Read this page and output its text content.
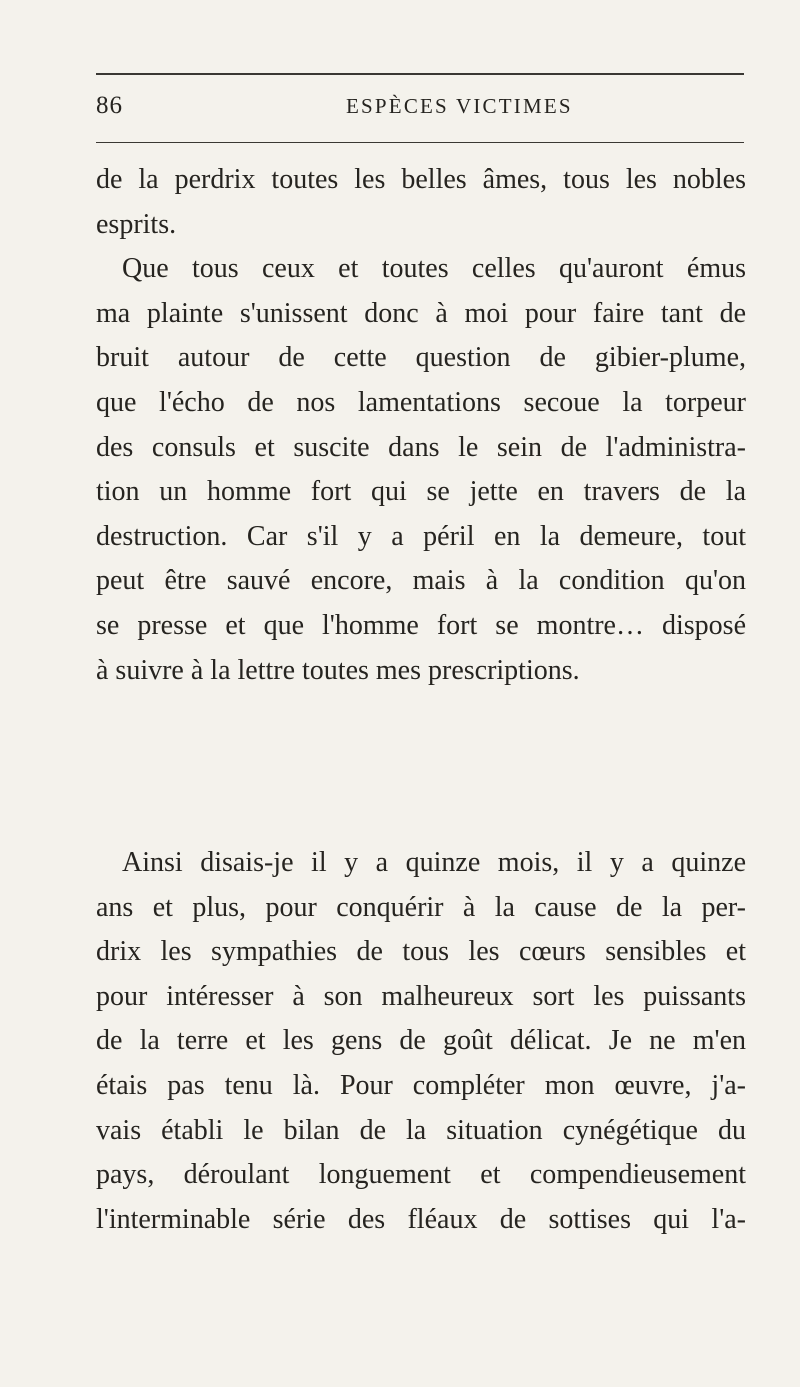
86	ESPÈCES VICTIMES
de la perdrix toutes les belles âmes, tous les nobles
esprits.
Que tous ceux et toutes celles qu'auront émus
ma plainte s'unissent donc à moi pour faire tant de
bruit autour de cette question de gibier-plume,
que l'écho de nos lamentations secoue la torpeur
des consuls et suscite dans le sein de l'administra-
tion un homme fort qui se jette en travers de la
destruction. Car s'il y a péril en la demeure, tout
peut être sauvé encore, mais à la condition qu'on
se presse et que l'homme fort se montre… disposé
à suivre à la lettre toutes mes prescriptions.
Ainsi disais-je il y a quinze mois, il y a quinze
ans et plus, pour conquérir à la cause de la per-
drix les sympathies de tous les cœurs sensibles et
pour intéresser à son malheureux sort les puissants
de la terre et les gens de goût délicat. Je ne m'en
étais pas tenu là. Pour compléter mon œuvre, j'a-
vais établi le bilan de la situation cynégétique du
pays, déroulant longuement et compendieusement
l'interminable série des fléaux de sottises qui l'a-
